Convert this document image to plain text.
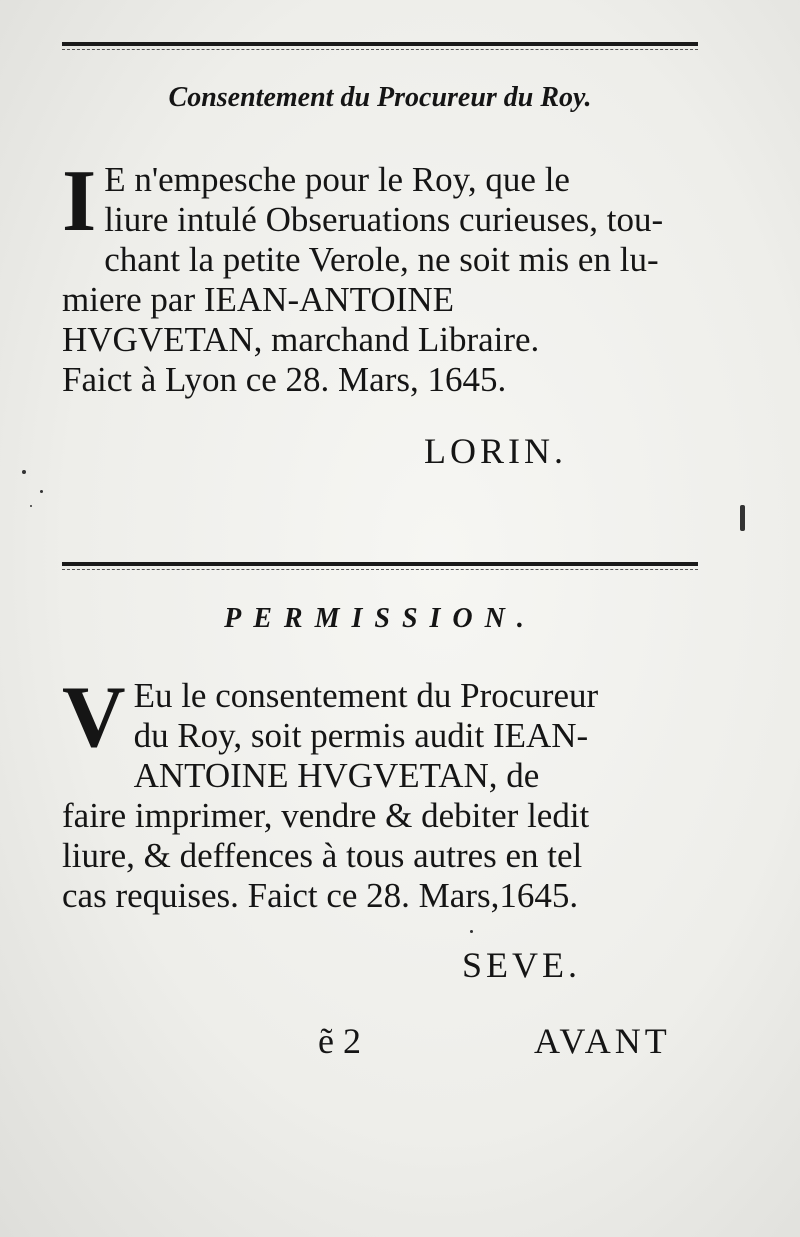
Consentement du Procureur du Roy.
I E n'empesche pour le Roy, que le
liure intulé Obseruations curieuses, tou-
chant la petite Verole, ne soit mis en lu-
miere par IEAN-ANTOINE
HVGVETAN, marchand Libraire.
Faict à Lyon ce 28. Mars, 1645.

LORIN.

PERMISSION.
V Eu le consentement du Procureur
du Roy, soit permis audit IEAN-
ANTOINE HVGVETAN, de
faire imprimer, vendre & debiter ledit
liure, & deffences à tous autres en tel
cas requises. Faict ce 28. Mars,1645.

SEVE.

ẽ 2	AVANT
